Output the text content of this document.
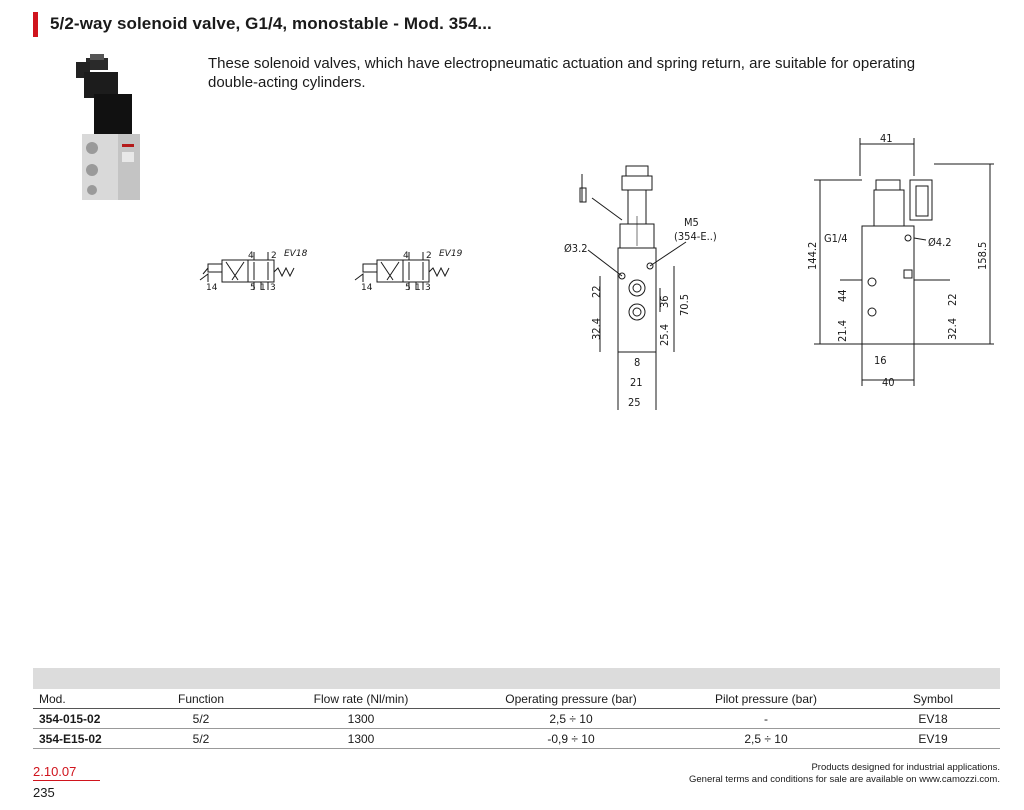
5/2-way solenoid valve, G1/4, monostable - Mod. 354...
These solenoid valves, which have electropneumatic actuation and spring return, are suitable for operating double-acting cylinders.
14	5 1 3
4 2 EV18
14	5 1 3
4 2 EV19	Ø3.2
M5
(354-E..)
22
32.4
36 70.5
25.4
8
21
25
41
G1/4	Ø4.2
144.2	158.5
44
21.4
22
32.4
16
40
Mod.	Function	Flow rate (Nl/min)	Operating pressure (bar)	Pilot pressure (bar)	Symbol
354-015-02	5/2	1300	2,5 ÷ 10	-	EV18
354-E15-02	5/2	1300	-0,9 ÷ 10	2,5 ÷ 10	EV19
2.10.07
235
Products designed for industrial applications.
General terms and conditions for sale are available on www.camozzi.com.
